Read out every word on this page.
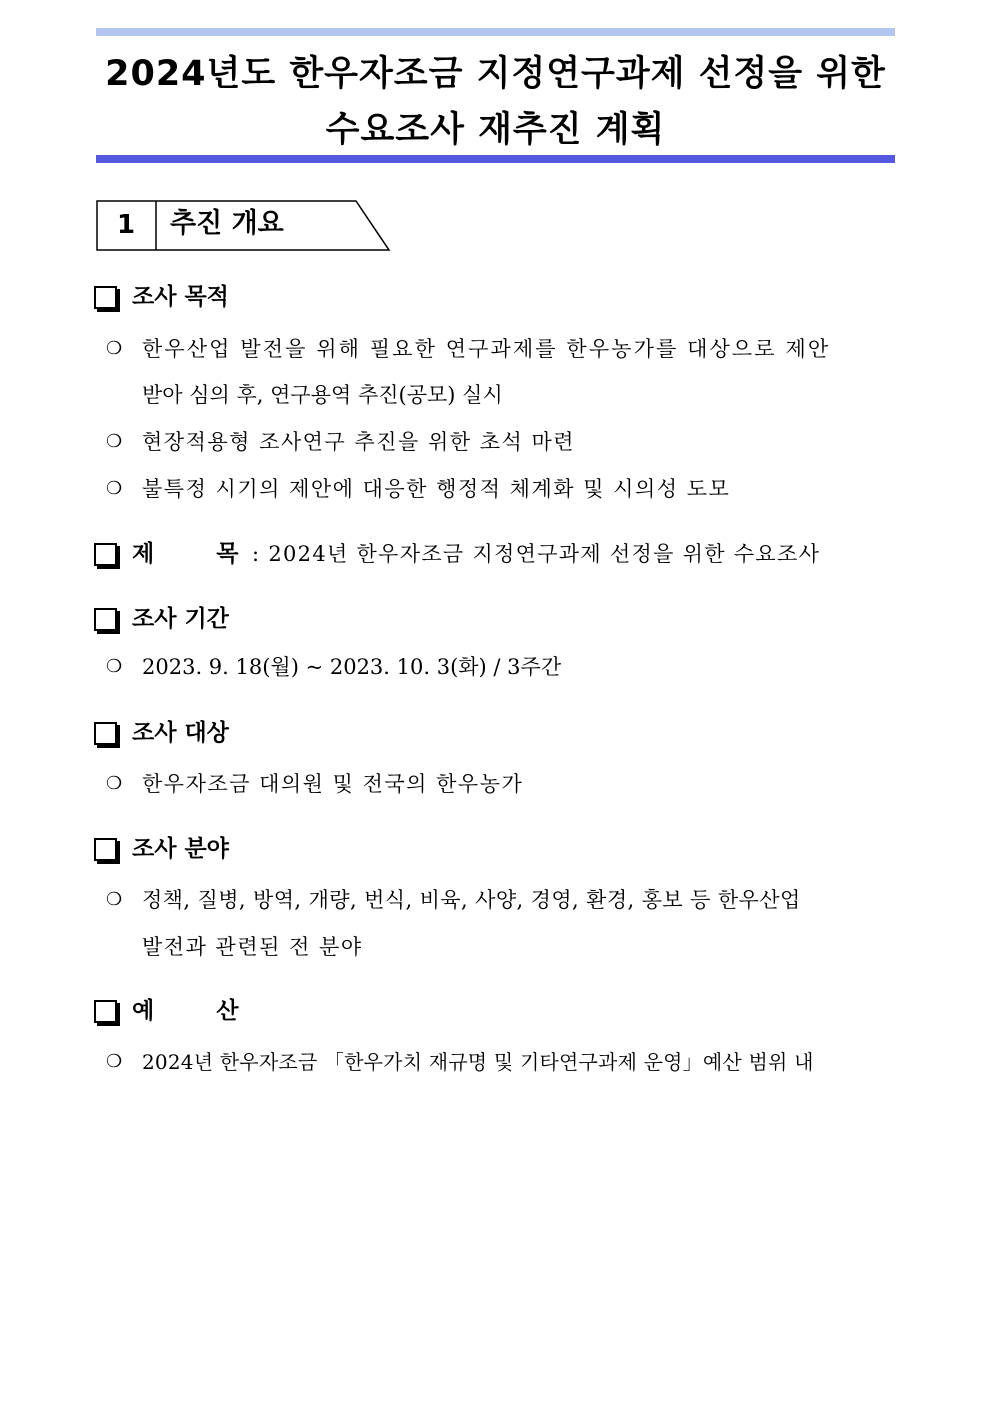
2024년도 한우자조금 지정연구과제 선정을 위한
수요조사 재추진 계획
1	추진 개요
조사 목적
❍ 한우산업 발전을 위해 필요한 연구과제를 한우농가를 대상으로 제안
받아 심의 후, 연구용역 추진(공모) 실시
❍ 현장적용형 조사연구 추진을 위한 초석 마련
❍ 불특정 시기의 제안에 대응한 행정적 체계화 및 시의성 도모
제	목 : 2024년 한우자조금 지정연구과제 선정을 위한 수요조사
조사 기간
❍ 2023. 9. 18(월) ~ 2023. 10. 3(화) / 3주간
조사 대상
❍ 한우자조금 대의원 및 전국의 한우농가
조사 분야
❍ 정책, 질병, 방역, 개량, 번식, 비육, 사양, 경영, 환경, 홍보 등 한우산업
발전과 관련된 전 분야
예	산
❍ 2024년 한우자조금 「한우가치 재규명 및 기타연구과제 운영」예산 범위 내
